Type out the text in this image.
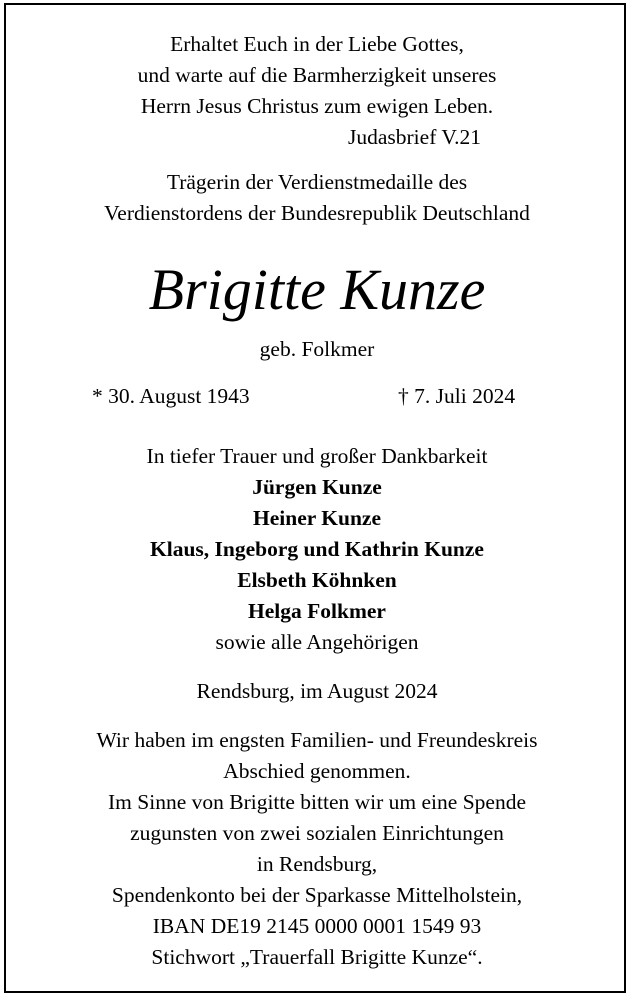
Erhaltet Euch in der Liebe Gottes,
und warte auf die Barmherzigkeit unseres
Herrn Jesus Christus zum ewigen Leben.
Judasbrief V.21
Trägerin der Verdienstmedaille des
Verdienstordens der Bundesrepublik Deutschland
Brigitte Kunze
geb. Folkmer
* 30. August 1943	† 7. Juli 2024
In tiefer Trauer und großer Dankbarkeit
Jürgen Kunze
Heiner Kunze
Klaus, Ingeborg und Kathrin Kunze
Elsbeth Köhnken
Helga Folkmer
sowie alle Angehörigen
Rendsburg, im August 2024
Wir haben im engsten Familien- und Freundeskreis
Abschied genommen.
Im Sinne von Brigitte bitten wir um eine Spende
zugunsten von zwei sozialen Einrichtungen
in Rendsburg,
Spendenkonto bei der Sparkasse Mittelholstein,
IBAN DE19 2145 0000 0001 1549 93
Stichwort „Trauerfall Brigitte Kunze“.
